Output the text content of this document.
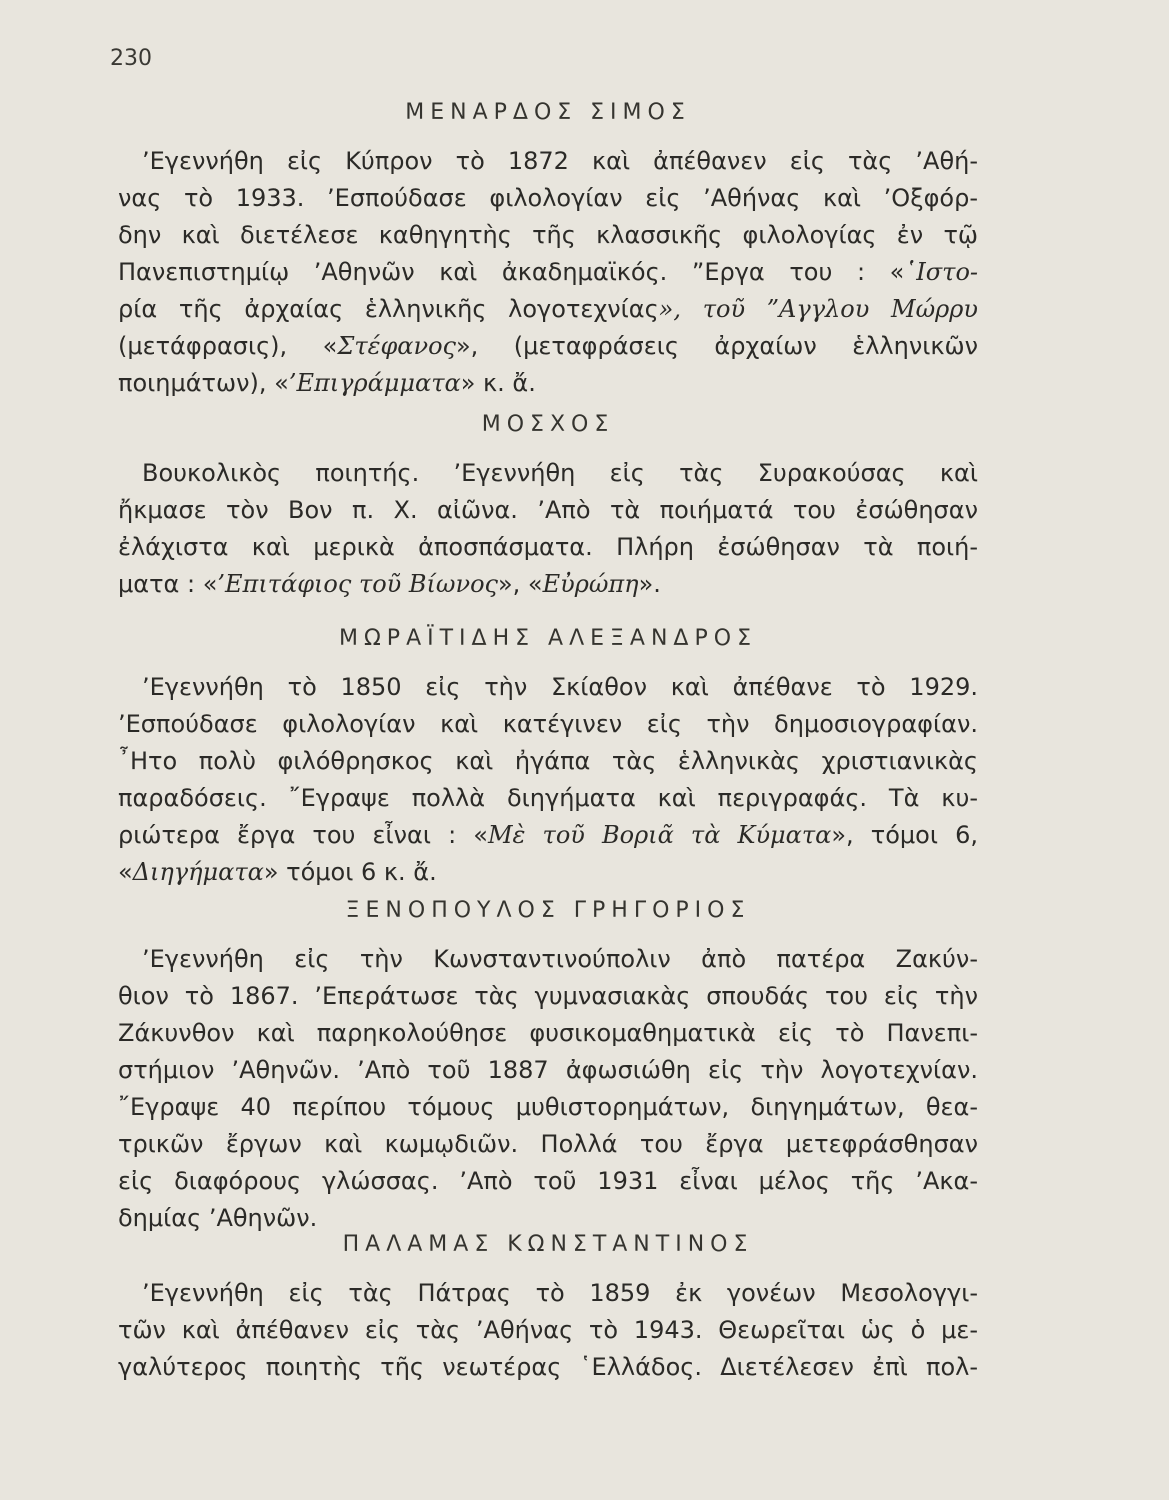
230
ΜΕΝΑΡΔΟΣ ΣΙΜΟΣ
’Εγεννήθη εἰς Κύπρον τὸ 1872 καὶ ἀπέθανεν εἰς τὰς ’Αθή-
νας τὸ 1933. ’Εσπούδασε φιλολογίαν εἰς ’Αθήνας καὶ ’Οξφόρ-
δην καὶ διετέλεσε καθηγητὴς τῆς κλασσικῆς φιλολογίας ἐν τῷ
Πανεπιστημίῳ ’Αθηνῶν καὶ ἀκαδημαϊκός. ”Εργα του : «῾Ιστο-
ρία τῆς ἀρχαίας ἑλληνικῆς λογοτεχνίας», τοῦ ”Αγγλου Μώρρυ
(μετάφρασις), «Στέφανος», (μεταφράσεις ἀρχαίων ἑλληνικῶν
ποιημάτων), «’Επιγράμματα» κ. ἄ.
ΜΟΣΧΟΣ
Βουκολικὸς ποιητής. ’Εγεννήθη εἰς τὰς Συρακούσας καὶ
ἤκμασε τὸν Βον π. Χ. αἰῶνα. ’Απὸ τὰ ποιήματά του ἐσώθησαν
ἐλάχιστα καὶ μερικὰ ἀποσπάσματα. Πλήρη ἐσώθησαν τὰ ποιή-
ματα : «’Επιτάφιος τοῦ Βίωνος», «Εὐρώπη».
ΜΩΡΑΪΤΙΔΗΣ ΑΛΕΞΑΝΔΡΟΣ
’Εγεννήθη τὸ 1850 εἰς τὴν Σκίαθον καὶ ἀπέθανε τὸ 1929.
’Εσπούδασε φιλολογίαν καὶ κατέγινεν εἰς τὴν δημοσιογραφίαν.
῏Ητο πολὺ φιλόθρησκος καὶ ἠγάπα τὰς ἑλληνικὰς χριστιανικὰς
παραδόσεις. ῎Εγραψε πολλὰ διηγήματα καὶ περιγραφάς. Τὰ κυ-
ριώτερα ἔργα του εἶναι : «Μὲ τοῦ Βοριᾶ τὰ Κύματα», τόμοι 6,
«Διηγήματα» τόμοι 6 κ. ἄ.
ΞΕΝΟΠΟΥΛΟΣ ΓΡΗΓΟΡΙΟΣ
’Εγεννήθη εἰς τὴν Κωνσταντινούπολιν ἀπὸ πατέρα Ζακύν-
θιον τὸ 1867. ’Επεράτωσε τὰς γυμνασιακὰς σπουδάς του εἰς τὴν
Ζάκυνθον καὶ παρηκολούθησε φυσικομαθηματικὰ εἰς τὸ Πανεπι-
στήμιον ’Αθηνῶν. ’Απὸ τοῦ 1887 ἀφωσιώθη εἰς τὴν λογοτεχνίαν.
῎Εγραψε 40 περίπου τόμους μυθιστορημάτων, διηγημάτων, θεα-
τρικῶν ἔργων καὶ κωμῳδιῶν. Πολλά του ἔργα μετεφράσθησαν
εἰς διαφόρους γλώσσας. ’Απὸ τοῦ 1931 εἶναι μέλος τῆς ’Ακα-
δημίας ’Αθηνῶν.
ΠΑΛΑΜΑΣ ΚΩΝΣΤΑΝΤΙΝΟΣ
’Εγεννήθη εἰς τὰς Πάτρας τὸ 1859 ἐκ γονέων Μεσολογγι-
τῶν καὶ ἀπέθανεν εἰς τὰς ’Αθήνας τὸ 1943. Θεωρεῖται ὡς ὁ με-
γαλύτερος ποιητὴς τῆς νεωτέρας ῾Ελλάδος. Διετέλεσεν ἐπὶ πολ-
